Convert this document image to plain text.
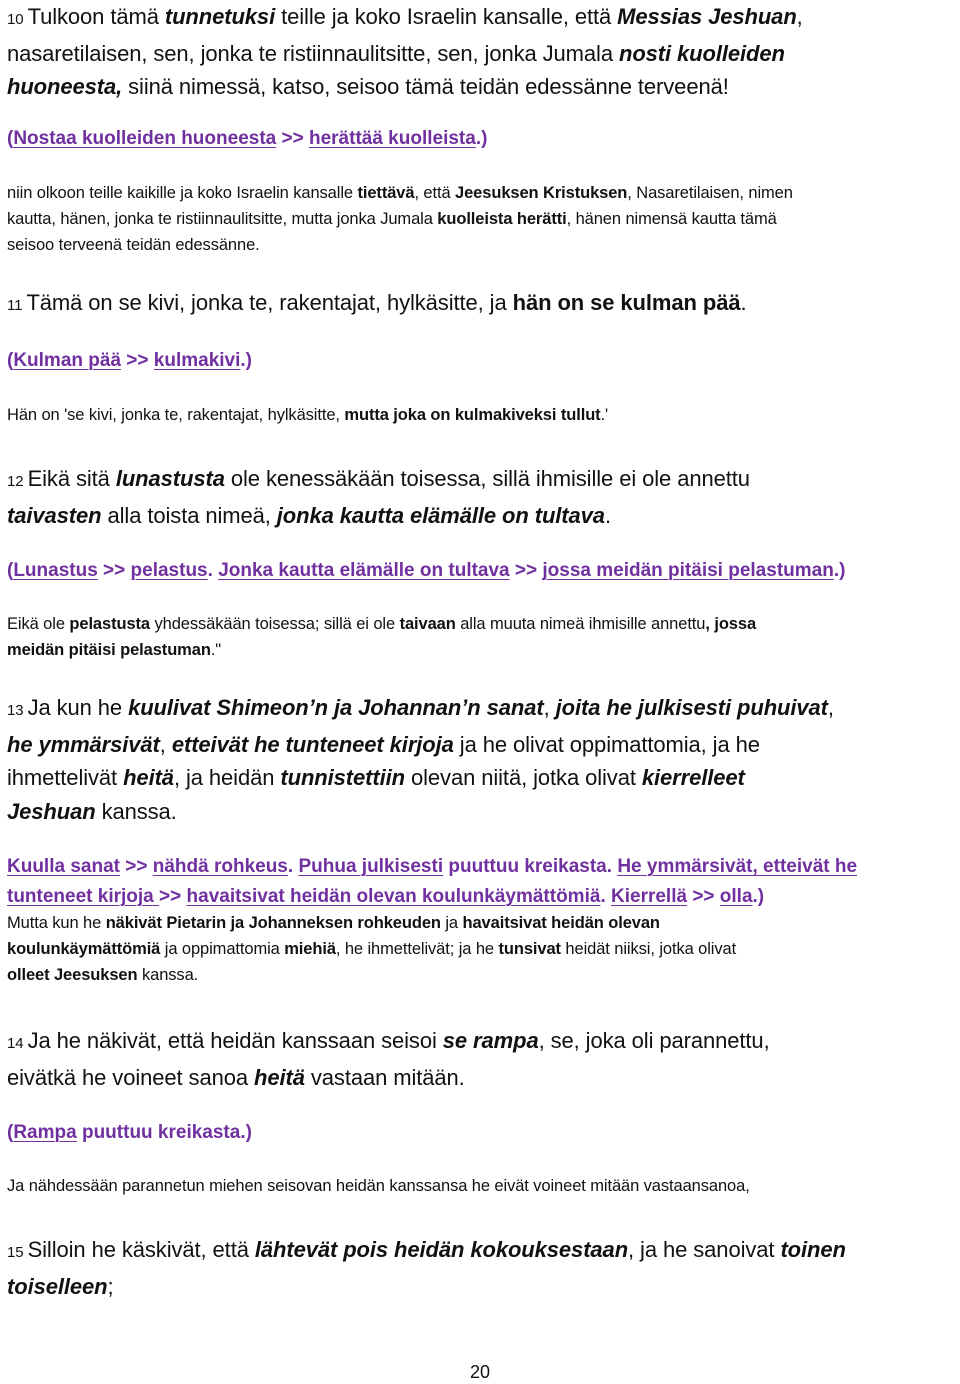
10 Tulkoon tämä tunnetuksi teille ja koko Israelin kansalle, että Messias Jeshuan,
nasaretilaisen, sen, jonka te ristiinnaulitsitte, sen, jonka Jumala nosti kuolleiden
huoneesta, siinä nimessä, katso, seisoo tämä teidän edessänne terveenä!
(Nostaa kuolleiden huoneesta >> herättää kuolleista.)
niin olkoon teille kaikille ja koko Israelin kansalle tiettävä, että Jeesuksen Kristuksen, Nasaretilaisen, nimen
kautta, hänen, jonka te ristiinnaulitsitte, mutta jonka Jumala kuolleista herätti, hänen nimensä kautta tämä
seisoo terveenä teidän edessänne.
11 Tämä on se kivi, jonka te, rakentajat, hylkäsitte, ja hän on se kulman pää.
(Kulman pää >> kulmakivi.)
Hän on 'se kivi, jonka te, rakentajat, hylkäsitte, mutta joka on kulmakiveksi tullut.'
12 Eikä sitä lunastusta ole kenessäkään toisessa, sillä ihmisille ei ole annettu
taivasten alla toista nimeä, jonka kautta elämälle on tultava.
(Lunastus >> pelastus. Jonka kautta elämälle on tultava >> jossa meidän pitäisi pelastuman.)
Eikä ole pelastusta yhdessäkään toisessa; sillä ei ole taivaan alla muuta nimeä ihmisille annettu, jossa
meidän pitäisi pelastuman."
13 Ja kun he kuulivat Shimeon’n ja Johannan’n sanat, joita he julkisesti puhuivat,
he ymmärsivät, etteivät he tunteneet kirjoja ja he olivat oppimattomia, ja he
ihmettelivät heitä, ja heidän tunnistettiin olevan niitä, jotka olivat kierrelleet
Jeshuan kanssa.
Kuulla sanat >> nähdä rohkeus. Puhua julkisesti puuttuu kreikasta. He ymmärsivät, etteivät he
tunteneet kirjoja >> havaitsivat heidän olevan koulunkäymättömiä. Kierrellä >> olla.)
Mutta kun he näkivät Pietarin ja Johanneksen rohkeuden ja havaitsivat heidän olevan
koulunkäymättömiä ja oppimattomia miehiä, he ihmettelivät; ja he tunsivat heidät niiksi, jotka olivat
olleet Jeesuksen kanssa.
14 Ja he näkivät, että heidän kanssaan seisoi se rampa, se, joka oli parannettu,
eivätkä he voineet sanoa heitä vastaan mitään.
(Rampa puuttuu kreikasta.)
Ja nähdessään parannetun miehen seisovan heidän kanssansa he eivät voineet mitään vastaansanoa,
15 Silloin he käskivät, että lähtevät pois heidän kokouksestaan, ja he sanoivat toinen
toiselleen;
20
